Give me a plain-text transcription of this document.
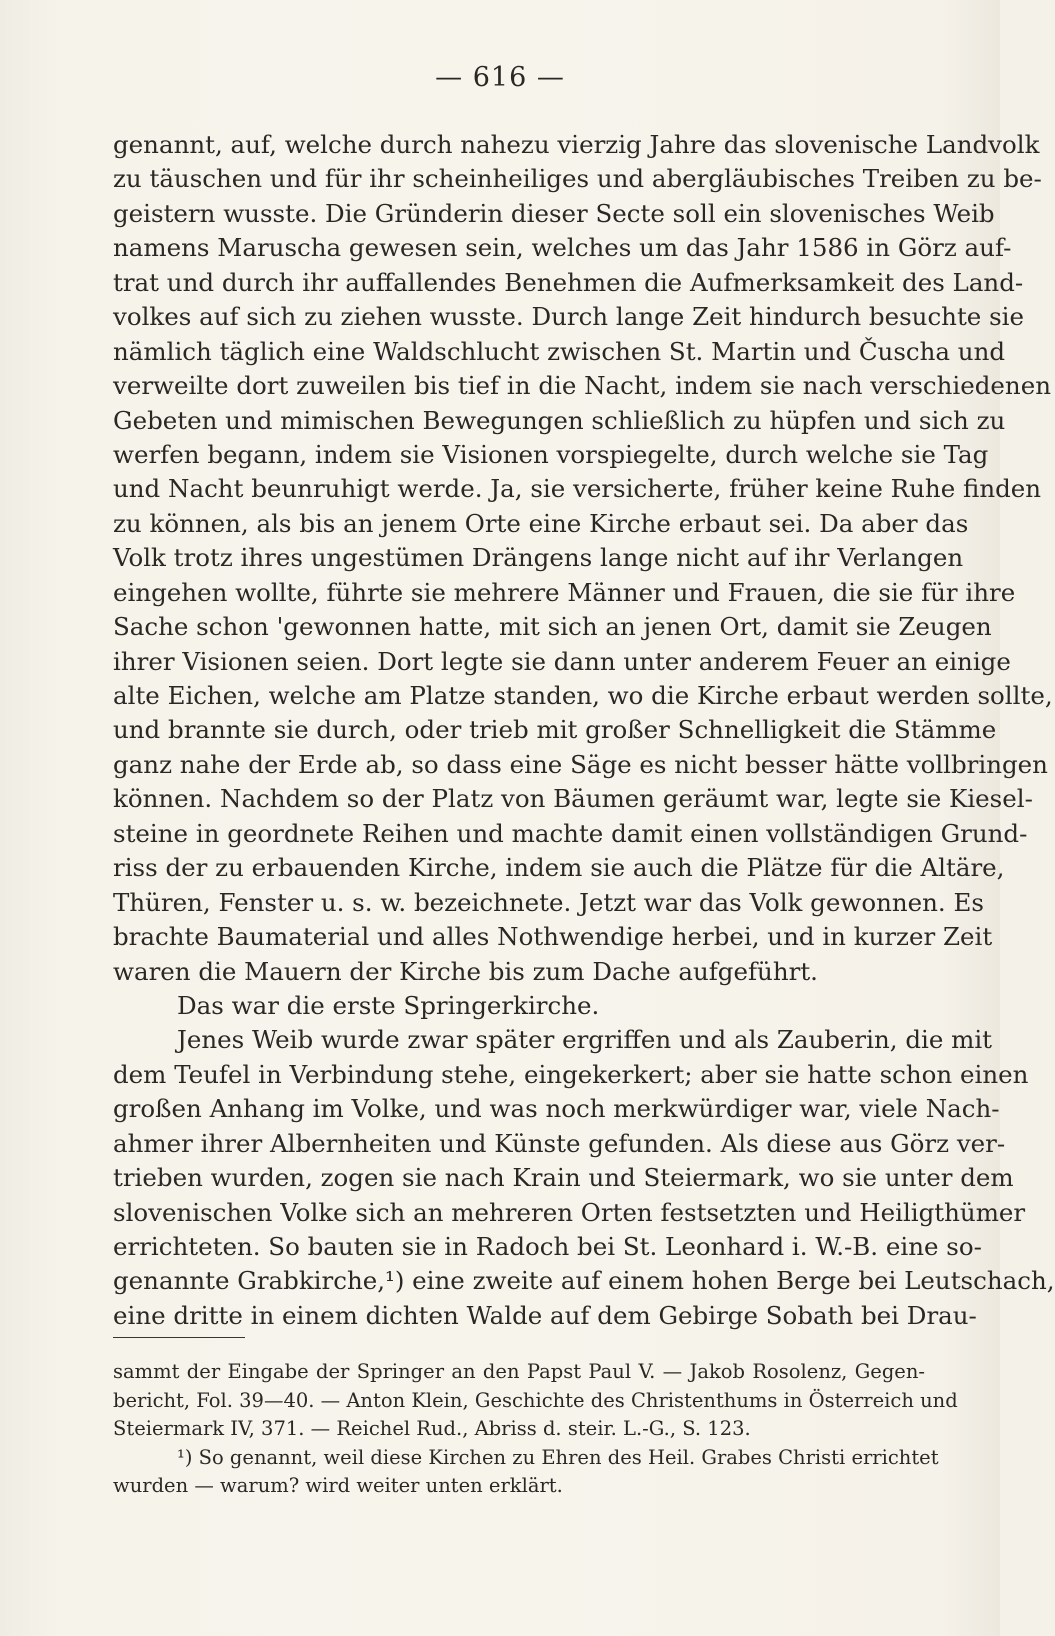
— 616 —
genannt, auf, welche durch nahezu vierzig Jahre das slovenische Landvolk
zu täuschen und für ihr scheinheiliges und abergläubisches Treiben zu be-
geistern wusste. Die Gründerin dieser Secte soll ein slovenisches Weib
namens Maruscha gewesen sein, welches um das Jahr 1586 in Görz auf-
trat und durch ihr auffallendes Benehmen die Aufmerksamkeit des Land-
volkes auf sich zu ziehen wusste. Durch lange Zeit hindurch besuchte sie
nämlich täglich eine Waldschlucht zwischen St. Martin und Čuscha und
verweilte dort zuweilen bis tief in die Nacht, indem sie nach verschiedenen
Gebeten und mimischen Bewegungen schließlich zu hüpfen und sich zu
werfen begann, indem sie Visionen vorspiegelte, durch welche sie Tag
und Nacht beunruhigt werde. Ja, sie versicherte, früher keine Ruhe finden
zu können, als bis an jenem Orte eine Kirche erbaut sei. Da aber das
Volk trotz ihres ungestümen Drängens lange nicht auf ihr Verlangen
eingehen wollte, führte sie mehrere Männer und Frauen, die sie für ihre
Sache schon 'gewonnen hatte, mit sich an jenen Ort, damit sie Zeugen
ihrer Visionen seien. Dort legte sie dann unter anderem Feuer an einige
alte Eichen, welche am Platze standen, wo die Kirche erbaut werden sollte,
und brannte sie durch, oder trieb mit großer Schnelligkeit die Stämme
ganz nahe der Erde ab, so dass eine Säge es nicht besser hätte vollbringen
können. Nachdem so der Platz von Bäumen geräumt war, legte sie Kiesel-
steine in geordnete Reihen und machte damit einen vollständigen Grund-
riss der zu erbauenden Kirche, indem sie auch die Plätze für die Altäre,
Thüren, Fenster u. s. w. bezeichnete. Jetzt war das Volk gewonnen. Es
brachte Baumaterial und alles Nothwendige herbei, und in kurzer Zeit
waren die Mauern der Kirche bis zum Dache aufgeführt.
Das war die erste Springerkirche.
Jenes Weib wurde zwar später ergriffen und als Zauberin, die mit
dem Teufel in Verbindung stehe, eingekerkert; aber sie hatte schon einen
großen Anhang im Volke, und was noch merkwürdiger war, viele Nach-
ahmer ihrer Albernheiten und Künste gefunden. Als diese aus Görz ver-
trieben wurden, zogen sie nach Krain und Steiermark, wo sie unter dem
slovenischen Volke sich an mehreren Orten festsetzten und Heiligthümer
errichteten. So bauten sie in Radoch bei St. Leonhard i. W.-B. eine so-
genannte Grabkirche,¹) eine zweite auf einem hohen Berge bei Leutschach,
eine dritte in einem dichten Walde auf dem Gebirge Sobath bei Drau-
sammt der Eingabe der Springer an den Papst Paul V. — Jakob Rosolenz, Gegen-
bericht, Fol. 39—40. — Anton Klein, Geschichte des Christenthums in Österreich und
Steiermark IV, 371. — Reichel Rud., Abriss d. steir. L.-G., S. 123.
¹) So genannt, weil diese Kirchen zu Ehren des Heil. Grabes Christi errichtet
wurden — warum? wird weiter unten erklärt.
